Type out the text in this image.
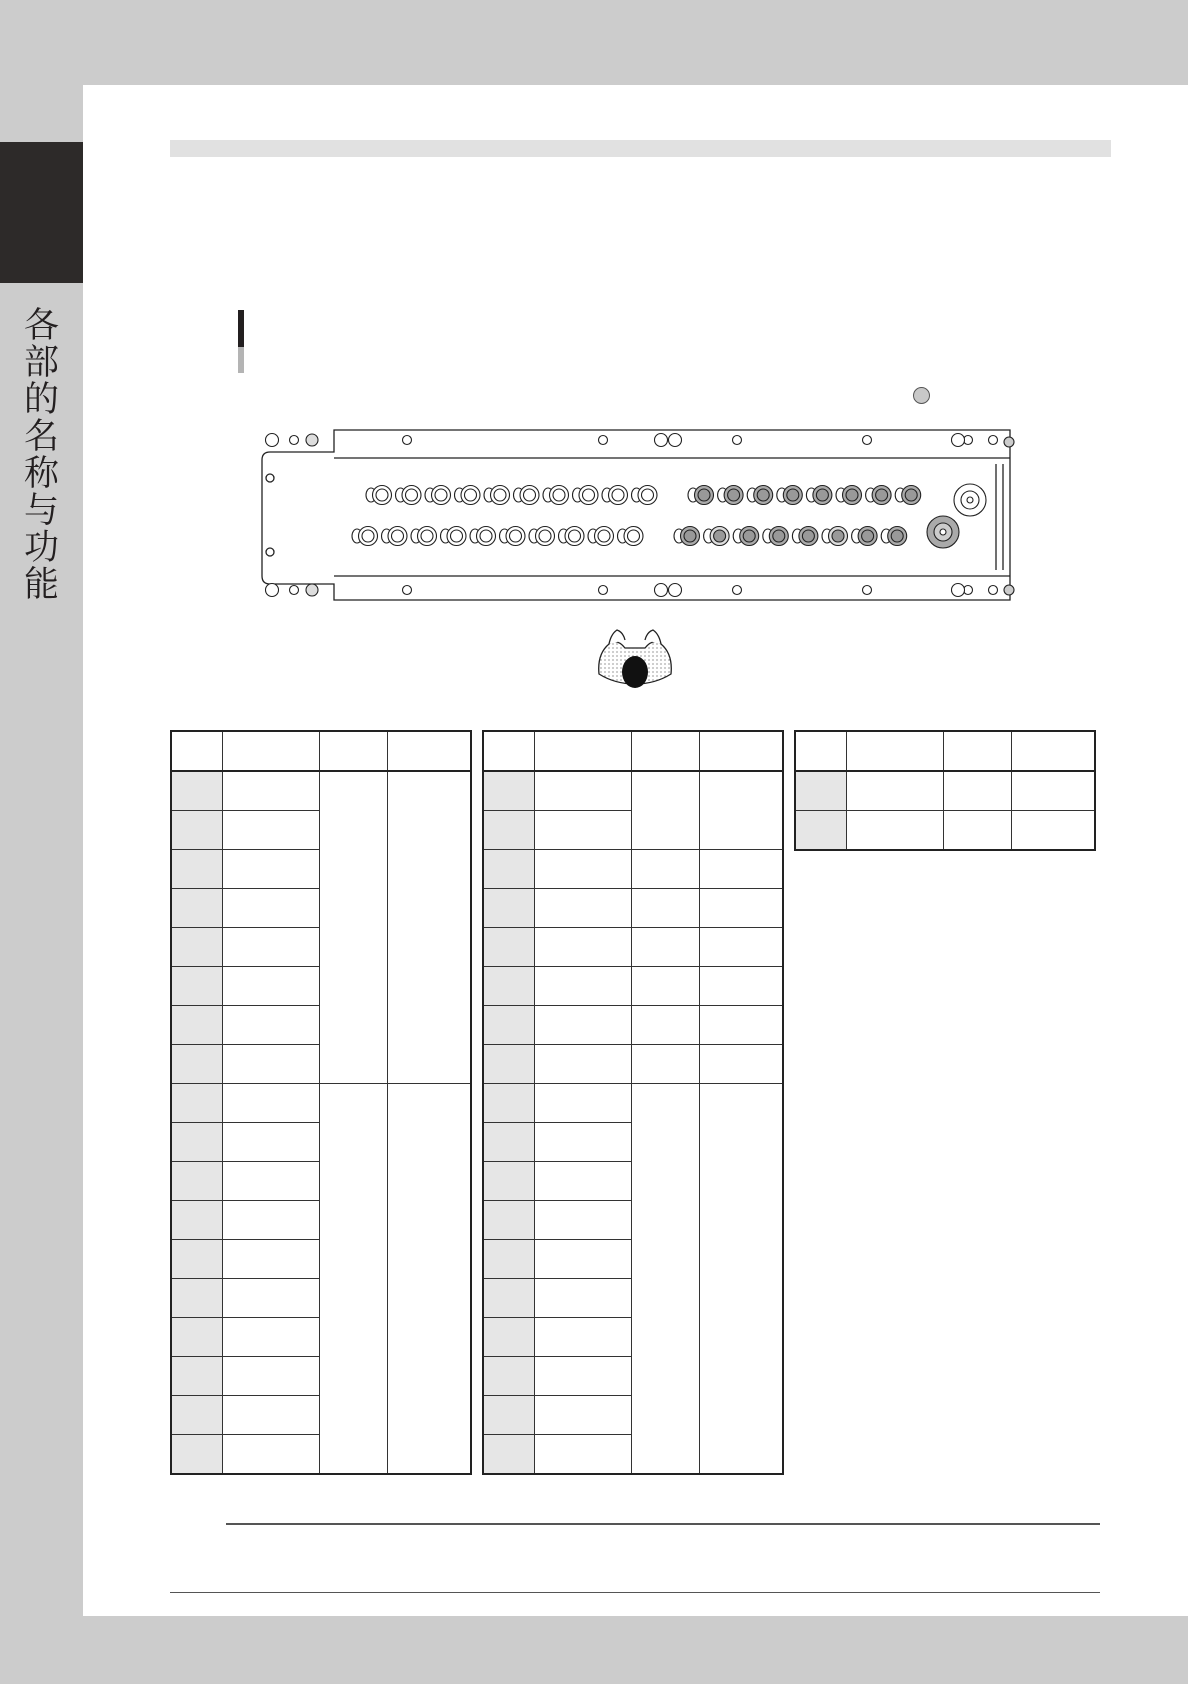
各
部
的
名
称
与
功
能
